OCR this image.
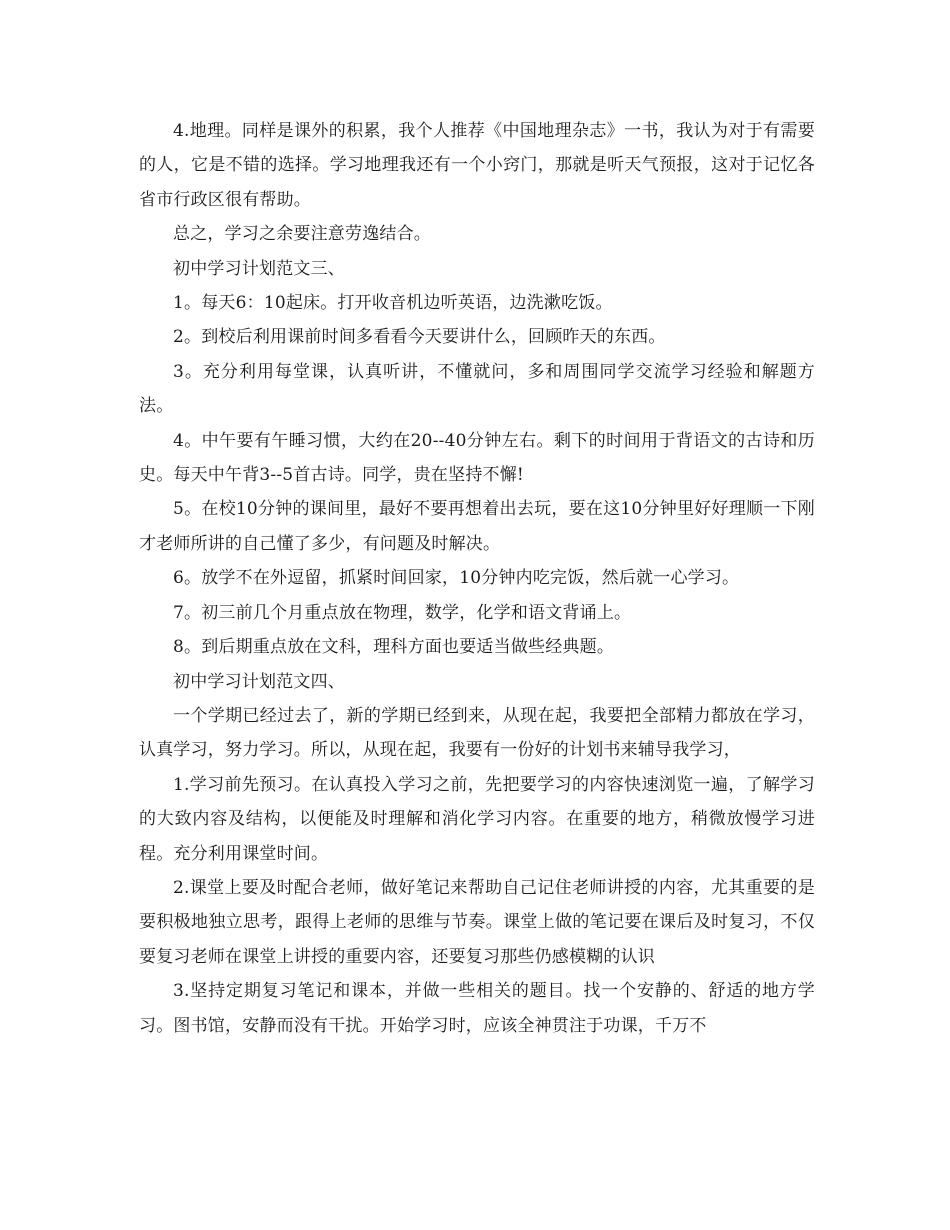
4.地理。同样是课外的积累，我个人推荐《中国地理杂志》一书，我认为对于有需要的人，它是不错的选择。学习地理我还有一个小窍门，那就是听天气预报，这对于记忆各省市行政区很有帮助。

总之，学习之余要注意劳逸结合。

初中学习计划范文三、

1。每天6：10起床。打开收音机边听英语，边洗漱吃饭。

2。到校后利用课前时间多看看今天要讲什么，回顾昨天的东西。

3。充分利用每堂课，认真听讲，不懂就问，多和周围同学交流学习经验和解题方法。

4。中午要有午睡习惯，大约在20--40分钟左右。剩下的时间用于背语文的古诗和历史。每天中午背3--5首古诗。同学，贵在坚持不懈!

5。在校10分钟的课间里，最好不要再想着出去玩，要在这10分钟里好好理顺一下刚才老师所讲的自己懂了多少，有问题及时解决。

6。放学不在外逗留，抓紧时间回家，10分钟内吃完饭，然后就一心学习。

7。初三前几个月重点放在物理，数学，化学和语文背诵上。

8。到后期重点放在文科，理科方面也要适当做些经典题。

初中学习计划范文四、

一个学期已经过去了，新的学期已经到来，从现在起，我要把全部精力都放在学习，认真学习，努力学习。所以，从现在起，我要有一份好的计划书来辅导我学习，

1.学习前先预习。在认真投入学习之前，先把要学习的内容快速浏览一遍，了解学习的大致内容及结构，以便能及时理解和消化学习内容。在重要的地方，稍微放慢学习进程。充分利用课堂时间。

2.课堂上要及时配合老师，做好笔记来帮助自己记住老师讲授的内容，尤其重要的是要积极地独立思考，跟得上老师的思维与节奏。课堂上做的笔记要在课后及时复习，不仅要复习老师在课堂上讲授的重要内容，还要复习那些仍感模糊的认识

3.坚持定期复习笔记和课本，并做一些相关的题目。找一个安静的、舒适的地方学习。图书馆，安静而没有干扰。开始学习时，应该全神贯注于功课，千万不
